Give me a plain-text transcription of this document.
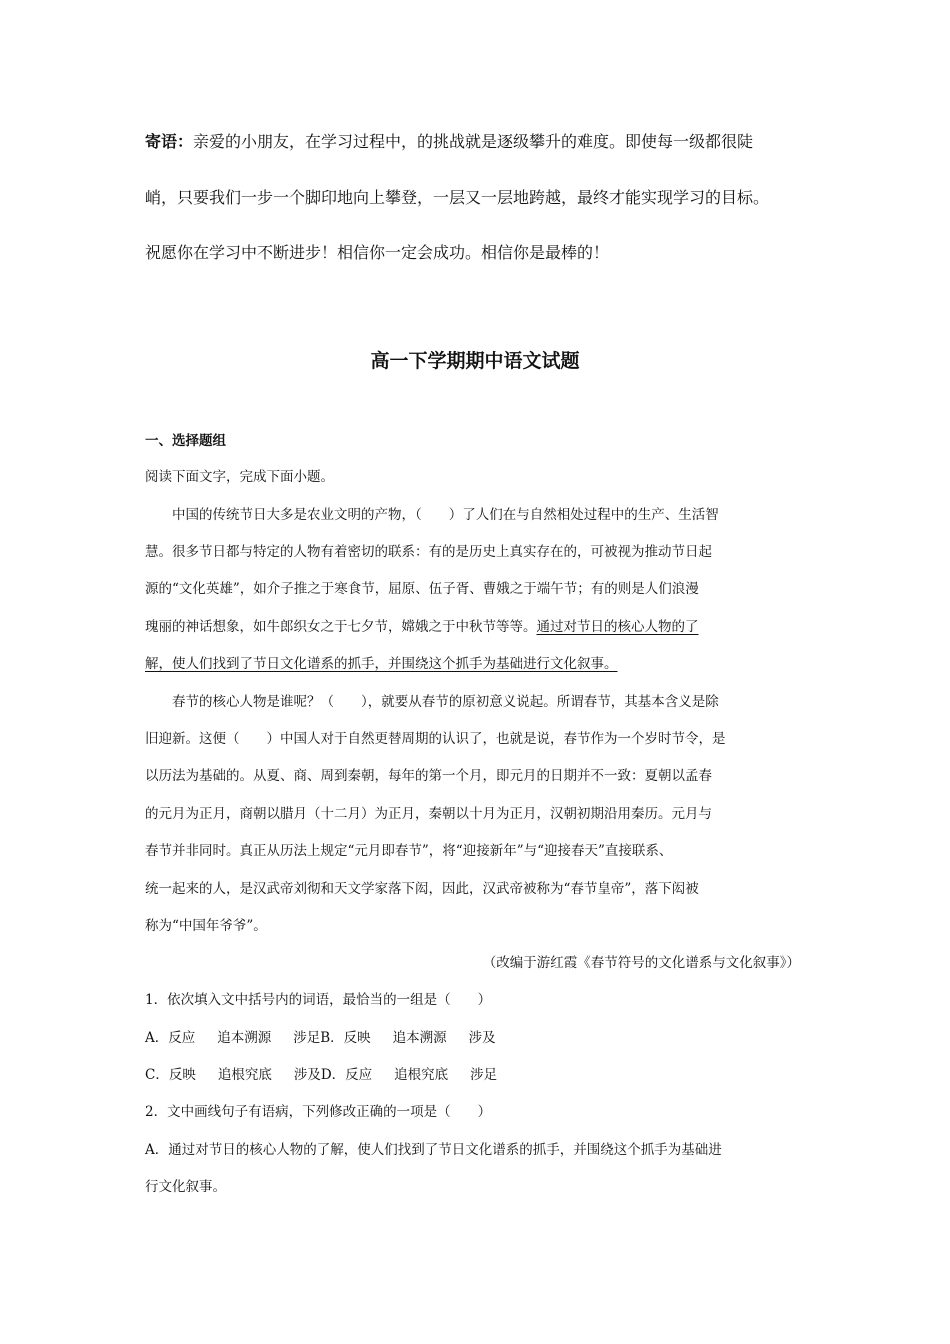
寄语：亲爱的小朋友，在学习过程中，的挑战就是逐级攀升的难度。即使每一级都很陡

峭，只要我们一步一个脚印地向上攀登，一层又一层地跨越，最终才能实现学习的目标。

祝愿你在学习中不断进步！相信你一定会成功。相信你是最棒的！

高一下学期期中语文试题

一、选择题组

阅读下面文字，完成下面小题。

中国的传统节日大多是农业文明的产物，（　　）了人们在与自然相处过程中的生产、生活智

慧。很多节日都与特定的人物有着密切的联系：有的是历史上真实存在的，可被视为推动节日起

源的“文化英雄”，如介子推之于寒食节，屈原、伍子胥、曹娥之于端午节；有的则是人们浪漫

瑰丽的神话想象，如牛郎织女之于七夕节，嫦娥之于中秋节等等。通过对节日的核心人物的了

解，使人们找到了节日文化谱系的抓手，并围绕这个抓手为基础进行文化叙事。

春节的核心人物是谁呢？（　　），就要从春节的原初意义说起。所谓春节，其基本含义是除

旧迎新。这便（　　）中国人对于自然更替周期的认识了，也就是说，春节作为一个岁时节令，是

以历法为基础的。从夏、商、周到秦朝，每年的第一个月，即元月的日期并不一致：夏朝以孟春

的元月为正月，商朝以腊月（十二月）为正月，秦朝以十月为正月，汉朝初期沿用秦历。元月与

春节并非同时。真正从历法上规定“元月即春节”，将“迎接新年”与“迎接春天”直接联系、

统一起来的人，是汉武帝刘彻和天文学家落下闳，因此，汉武帝被称为“春节皇帝”，落下闳被

称为“中国年爷爷”。

（改编于游红霞《春节符号的文化谱系与文化叙事》）

1．依次填入文中括号内的词语，最恰当的一组是（　　）

A．反应 追本溯源 涉足B．反映 追本溯源 涉及

C．反映 追根究底 涉及D．反应 追根究底 涉足

2．文中画线句子有语病，下列修改正确的一项是（　　）

A．通过对节日的核心人物的了解，使人们找到了节日文化谱系的抓手，并围绕这个抓手为基础进

行文化叙事。
